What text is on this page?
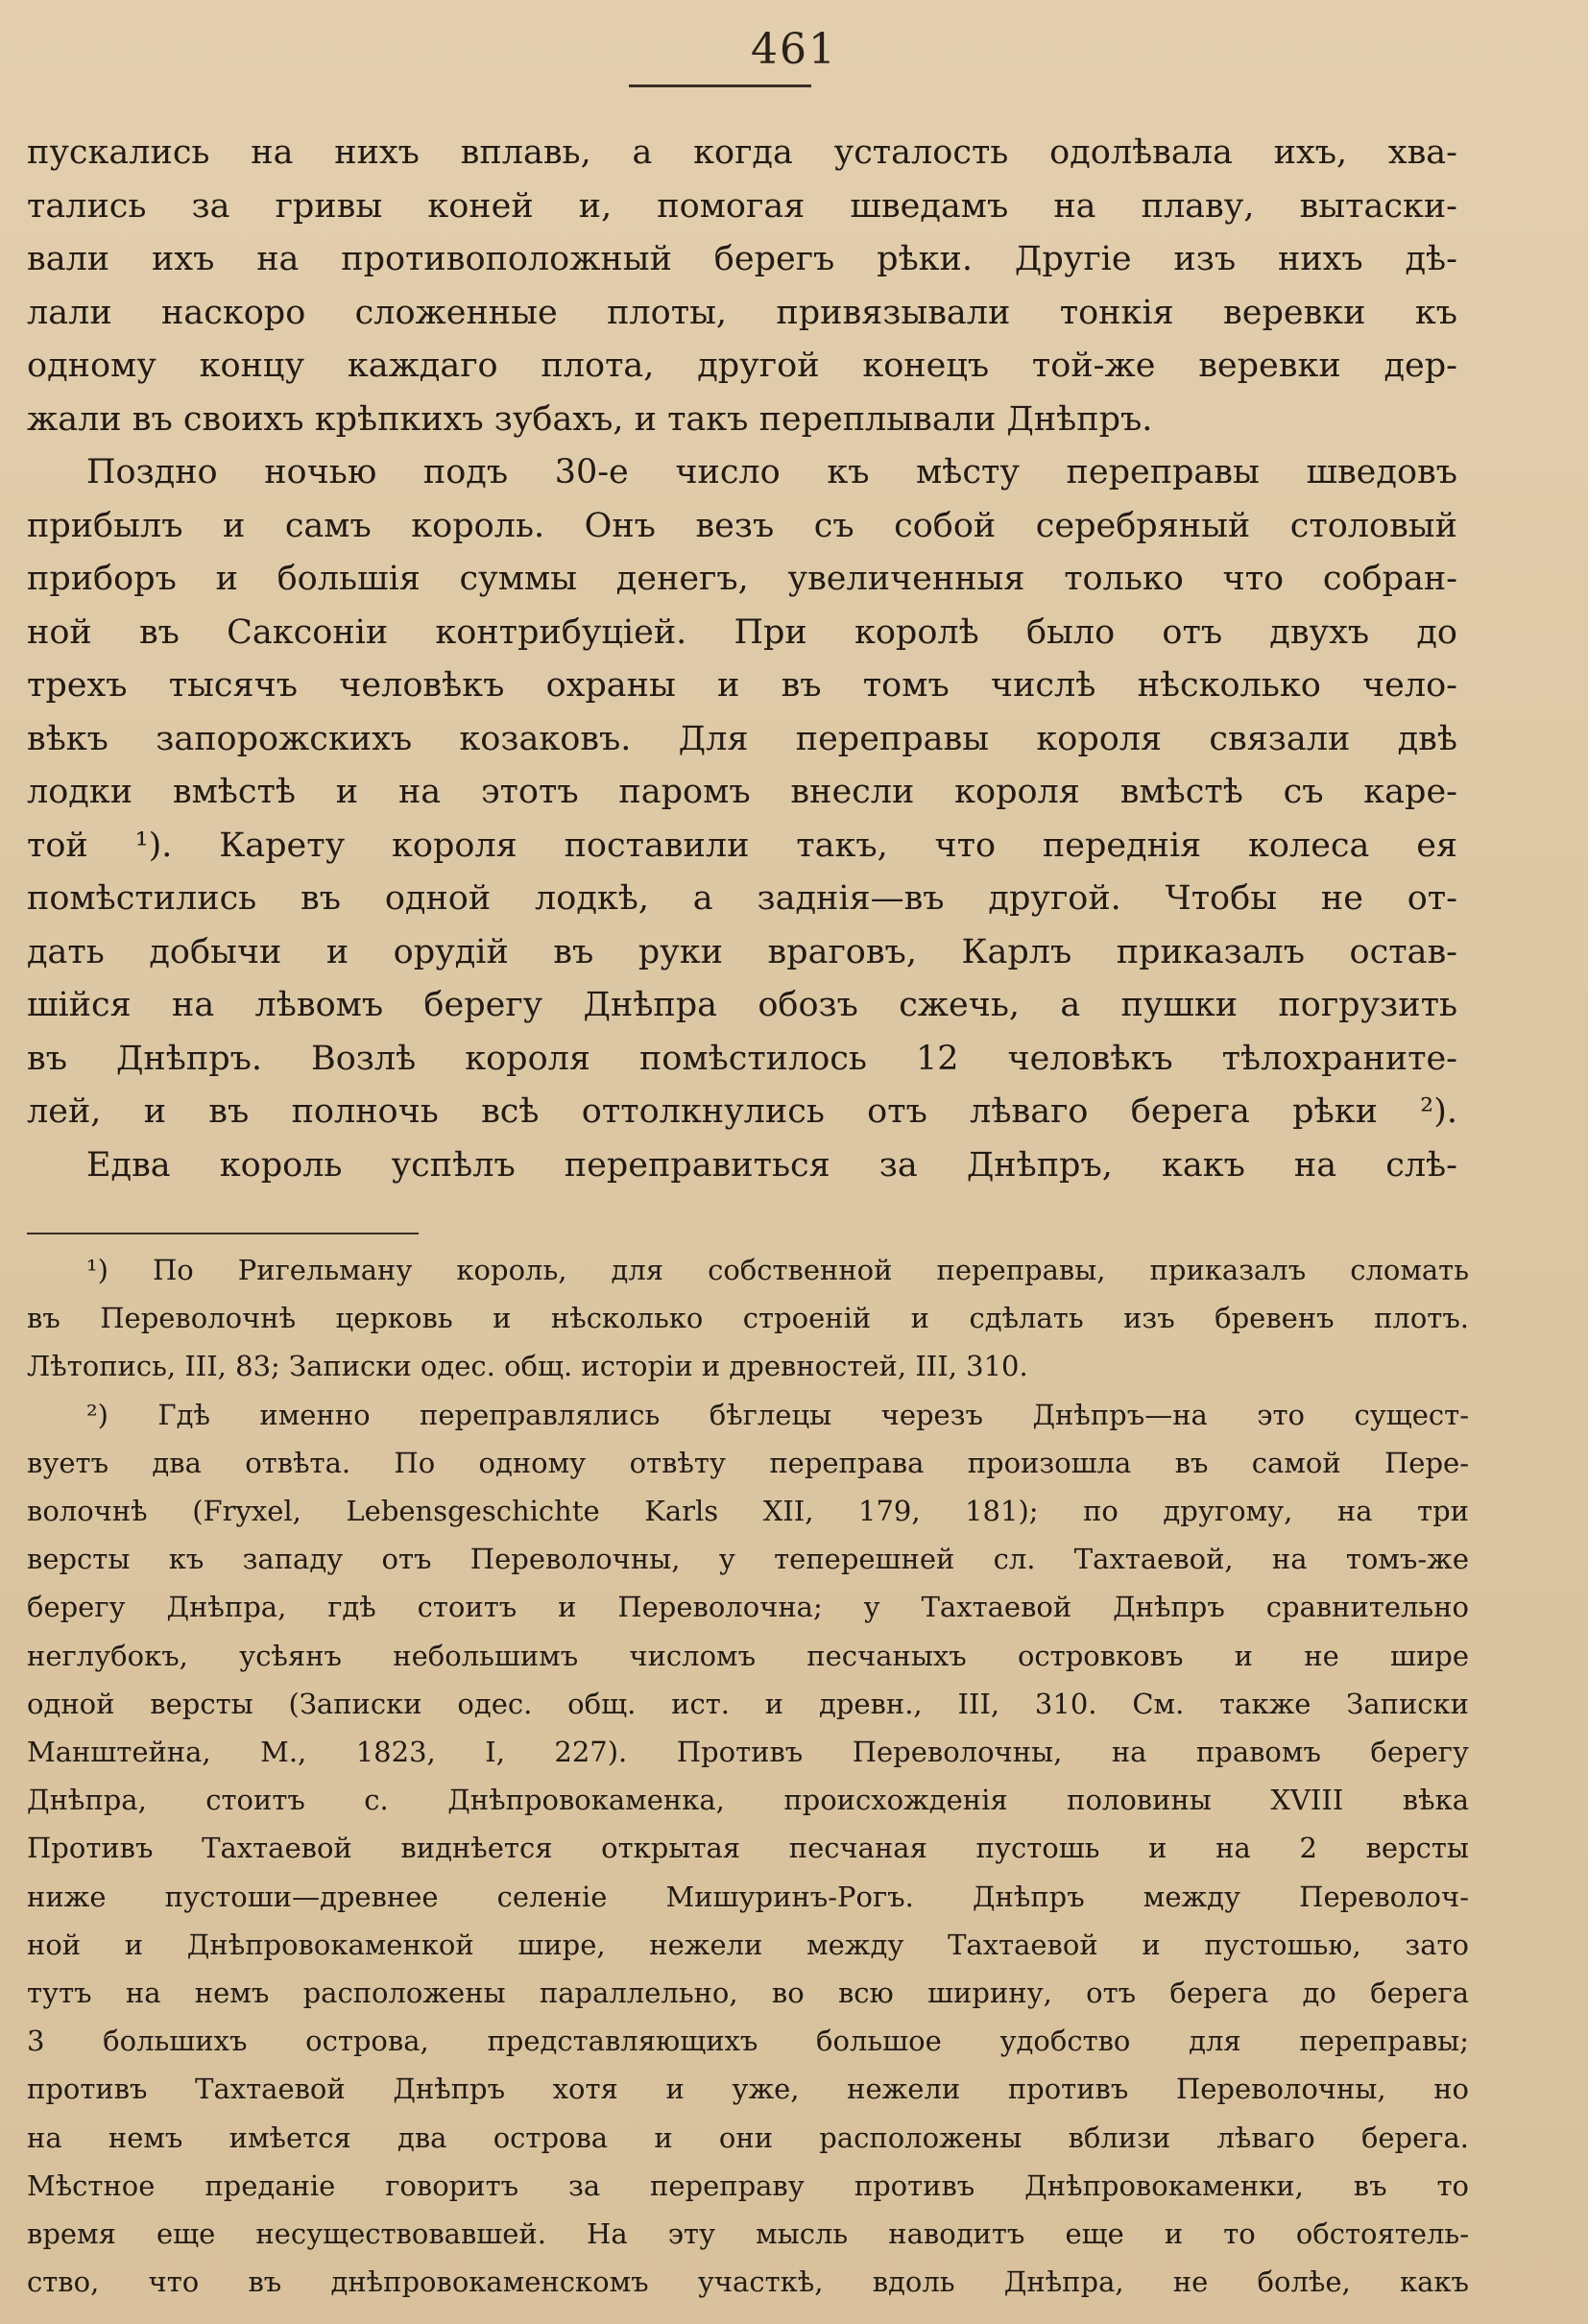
461
пускались на нихъ вплавь, а когда усталость одолѣвала ихъ, хва-
тались за гривы коней и, помогая шведамъ на плаву, вытаски-
вали ихъ на противоположный берегъ рѣки. Другіе изъ нихъ дѣ-
лали наскоро сложенные плоты, привязывали тонкія веревки къ
одному концу каждаго плота, другой конецъ той-же веревки дер-
жали въ своихъ крѣпкихъ зубахъ, и такъ переплывали Днѣпръ.
Поздно ночью подъ 30-е число къ мѣсту переправы шведовъ
прибылъ и самъ король. Онъ везъ съ собой серебряный столовый
приборъ и большія суммы денегъ, увеличенныя только что собран-
ной въ Саксоніи контрибуціей. При королѣ было отъ двухъ до
трехъ тысячъ человѣкъ охраны и въ томъ числѣ нѣсколько чело-
вѣкъ запорожскихъ козаковъ. Для переправы короля связали двѣ
лодки вмѣстѣ и на этотъ паромъ внесли короля вмѣстѣ съ каре-
той ¹). Карету короля поставили такъ, что переднія колеса ея
помѣстились въ одной лодкѣ, а заднія—въ другой. Чтобы не от-
дать добычи и орудій въ руки враговъ, Карлъ приказалъ остав-
шійся на лѣвомъ берегу Днѣпра обозъ сжечь, а пушки погрузить
въ Днѣпръ. Возлѣ короля помѣстилось 12 человѣкъ тѣлохраните-
лей, и въ полночь всѣ оттолкнулись отъ лѣваго берега рѣки ²).
Едва король успѣлъ переправиться за Днѣпръ, какъ на слѣ-
¹) По Ригельману король, для собственной переправы, приказалъ сломать
въ Переволочнѣ церковь и нѣсколько строеній и сдѣлать изъ бревенъ плотъ.
Лѣтопись, III, 83; Записки одес. общ. исторіи и древностей, III, 310.
²) Гдѣ именно переправлялись бѣглецы черезъ Днѣпръ—на это сущест-
вуетъ два отвѣта. По одному отвѣту переправа произошла въ самой Пере-
волочнѣ (Fryxel, Lebensgeschichte Karls XII, 179, 181); по другому, на три
версты къ западу отъ Переволочны, у теперешней сл. Тахтаевой, на томъ-же
берегу Днѣпра, гдѣ стоитъ и Переволочна; у Тахтаевой Днѣпръ сравнительно
неглубокъ, усѣянъ небольшимъ числомъ песчаныхъ островковъ и не шире
одной версты (Записки одес. общ. ист. и древн., III, 310. См. также Записки
Манштейна, М., 1823, I, 227). Противъ Переволочны, на правомъ берегу
Днѣпра, стоитъ с. Днѣпровокаменка, происхожденія половины XVIII вѣка
Противъ Тахтаевой виднѣется открытая песчаная пустошь и на 2 версты
ниже пустоши—древнее селеніе Мишуринъ-Рогъ. Днѣпръ между Переволоч-
ной и Днѣпровокаменкой шире, нежели между Тахтаевой и пустошью, зато
тутъ на немъ расположены параллельно, во всю ширину, отъ берега до берега
3 большихъ острова, представляющихъ большое удобство для переправы;
противъ Тахтаевой Днѣпръ хотя и уже, нежели противъ Переволочны, но
на немъ имѣется два острова и они расположены вблизи лѣваго берега.
Мѣстное преданіе говоритъ за переправу противъ Днѣпровокаменки, въ то
время еще несуществовавшей. На эту мысль наводитъ еще и то обстоятель-
ство, что въ днѣпровокаменскомъ участкѣ, вдоль Днѣпра, не болѣе, какъ
